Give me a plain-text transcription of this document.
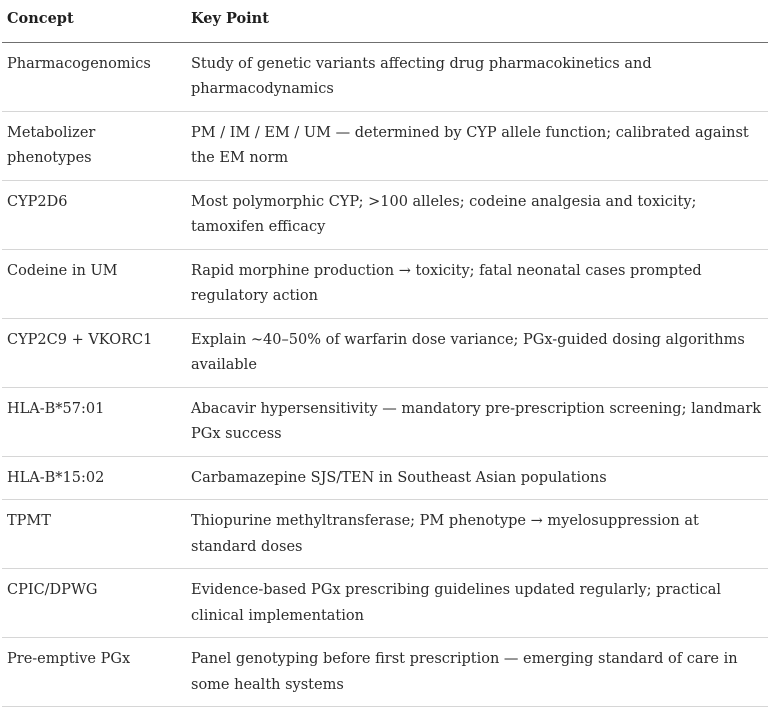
Concept	Key Point
Pharmacogenomics	Study of genetic variants affecting drug pharmacokinetics and pharmacodynamics
Metabolizer phenotypes	PM / IM / EM / UM — determined by CYP allele function; calibrated against the EM norm
CYP2D6	Most polymorphic CYP; >100 alleles; codeine analgesia and toxicity; tamoxifen efficacy
Codeine in UM	Rapid morphine production → toxicity; fatal neonatal cases prompted regulatory action
CYP2C9 + VKORC1	Explain ~40–50% of warfarin dose variance; PGx-guided dosing algorithms available
HLA-B*57:01	Abacavir hypersensitivity — mandatory pre-prescription screening; landmark PGx success
HLA-B*15:02	Carbamazepine SJS/TEN in Southeast Asian populations
TPMT	Thiopurine methyltransferase; PM phenotype → myelosuppression at standard doses
CPIC/DPWG	Evidence-based PGx prescribing guidelines updated regularly; practical clinical implementation
Pre-emptive PGx	Panel genotyping before first prescription — emerging standard of care in some health systems
